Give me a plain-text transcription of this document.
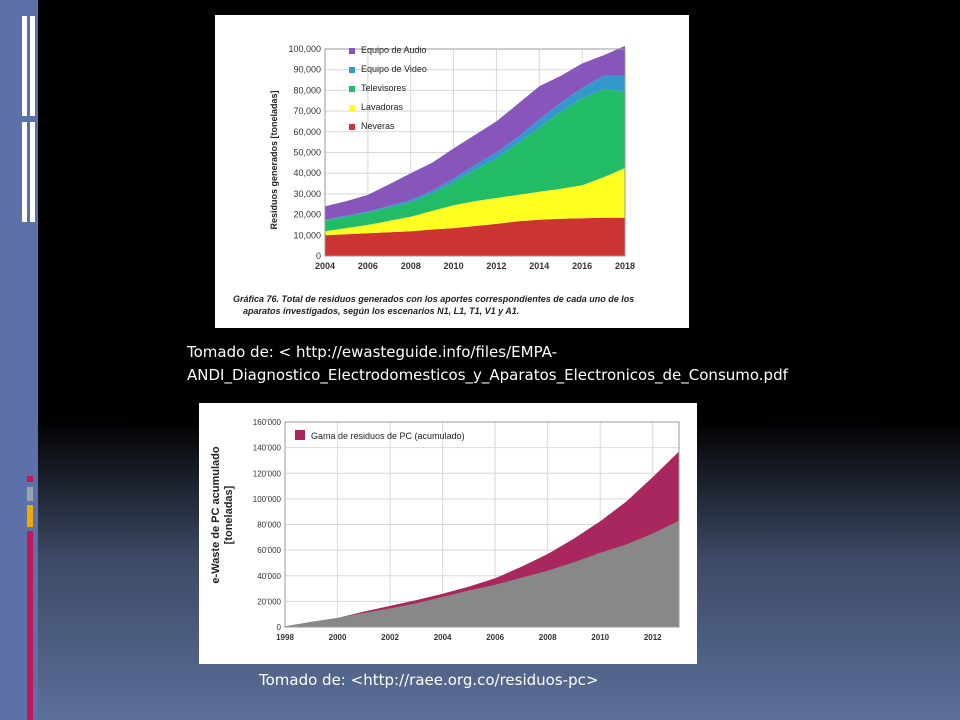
0
10,000
20,000
30,000
40,000
50,000
60,000
70,000
80,000
90,000
100,000
2004	2006	2008	2010	2012	2014	2016	2018
Equipo de Audio
Equipo de Video
Televisores
Lavadoras
Neveras
Residuos generados [toneladas]
Gráfica 76. Total de residuos generados con los aportes correspondientes de cada uno de los
aparatos investigados, según los escenarios N1, L1, T1, V1 y A1.
Tomado de: < http://ewasteguide.info/files/EMPA-
ANDI_Diagnostico_Electrodomesticos_y_Aparatos_Electronicos_de_Consumo.pdf
0
20'000
40'000
60'000
80'000
100'000
120'000
140'000
160'000
1998	2000	2002	2004	2006	2008	2010	2012
Gama de residuos de PC (acumulado)
e-Waste de PC acumulado [toneladas]
Tomado de: <http://raee.org.co/residuos-pc>
